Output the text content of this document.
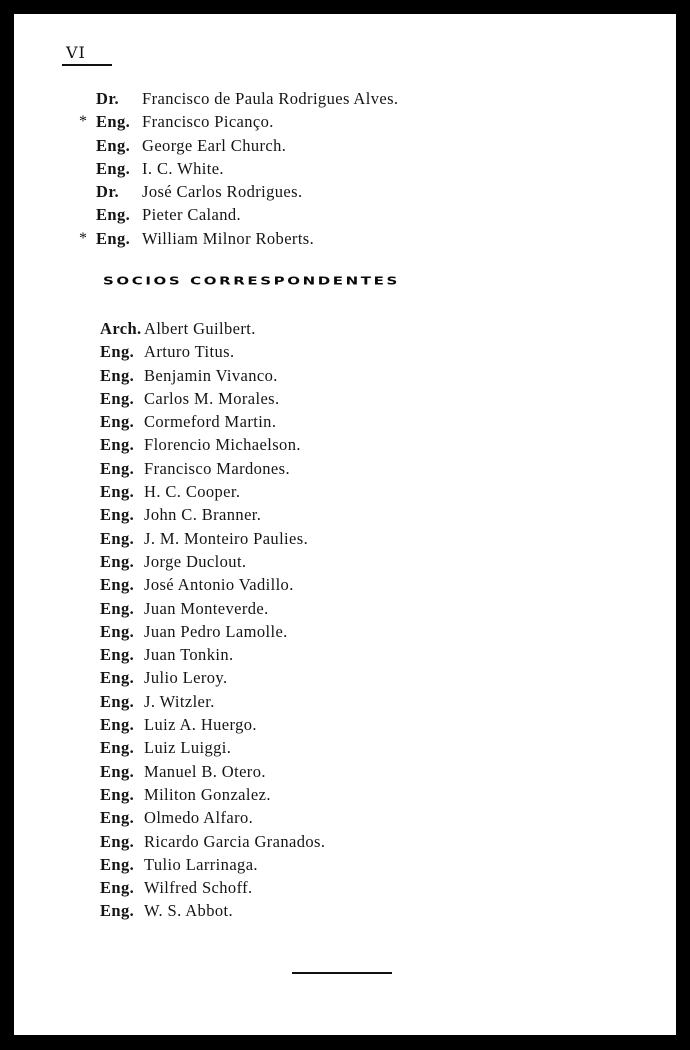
VI

Dr. Francisco de Paula Rodrigues Alves.
* Eng. Francisco Picanço.
Eng. George Earl Church.
Eng. I. C. White.
Dr. José Carlos Rodrigues.
Eng. Pieter Caland.
* Eng. William Milnor Roberts.
SOCIOS CORRESPONDENTES
Arch. Albert Guilbert.
Eng. Arturo Titus.
Eng. Benjamin Vivanco.
Eng. Carlos M. Morales.
Eng. Cormeford Martin.
Eng. Florencio Michaelson.
Eng. Francisco Mardones.
Eng. H. C. Cooper.
Eng. John C. Branner.
Eng. J. M. Monteiro Paulies.
Eng. Jorge Duclout.
Eng. José Antonio Vadillo.
Eng. Juan Monteverde.
Eng. Juan Pedro Lamolle.
Eng. Juan Tonkin.
Eng. Julio Leroy.
Eng. J. Witzler.
Eng. Luiz A. Huergo.
Eng. Luiz Luiggi.
Eng. Manuel B. Otero.
Eng. Militon Gonzalez.
Eng. Olmedo Alfaro.
Eng. Ricardo Garcia Granados.
Eng. Tulio Larrinaga.
Eng. Wilfred Schoff.
Eng. W. S. Abbot.
